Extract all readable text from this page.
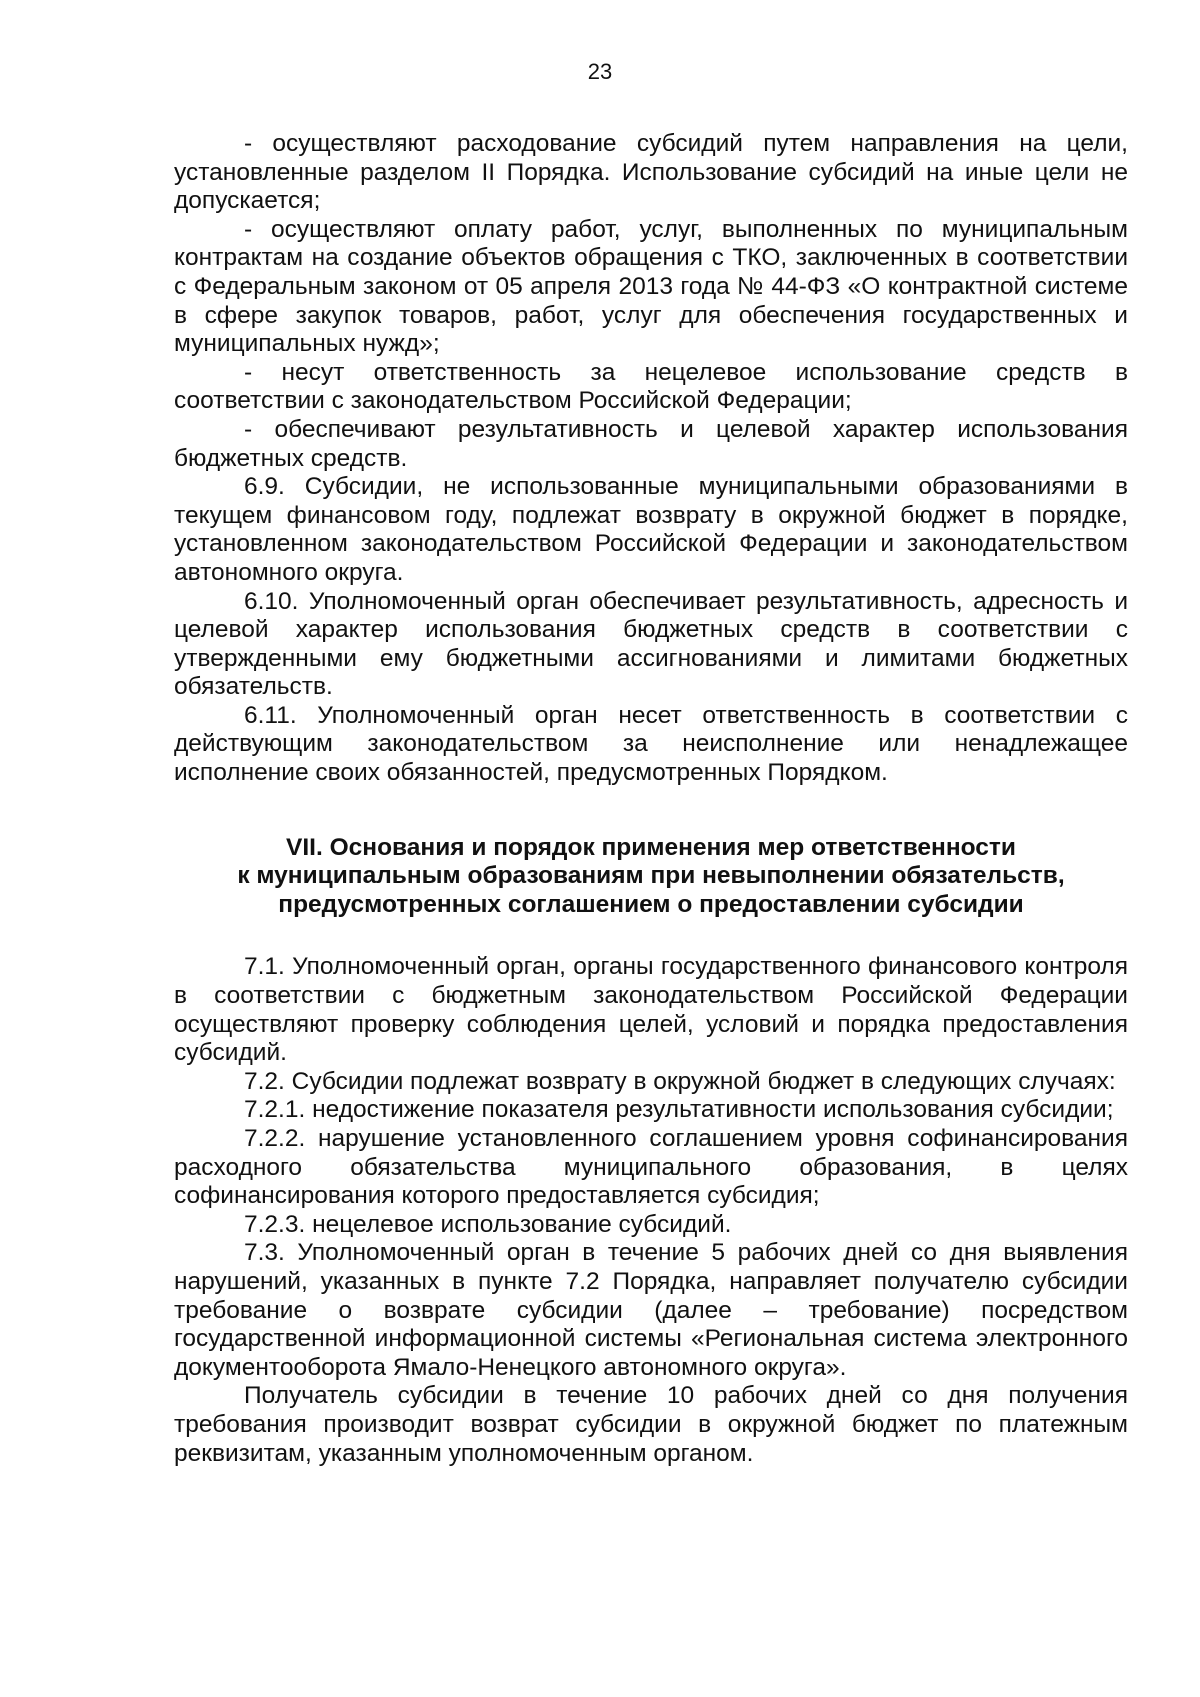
23

- осуществляют расходование субсидий путем направления на цели, установленные разделом II Порядка. Использование субсидий на иные цели не допускается;

- осуществляют оплату работ, услуг, выполненных по муниципальным контрактам на создание объектов обращения с ТКО, заключенных в соответствии с Федеральным законом от 05 апреля 2013 года № 44-ФЗ «О контрактной системе в сфере закупок товаров, работ, услуг для обеспечения государственных и муниципальных нужд»;

- несут ответственность за нецелевое использование средств в соответствии с законодательством Российской Федерации;

- обеспечивают результативность и целевой характер использования бюджетных средств.

6.9. Субсидии, не использованные муниципальными образованиями в текущем финансовом году, подлежат возврату в окружной бюджет в порядке, установленном законодательством Российской Федерации и законодательством автономного округа.

6.10. Уполномоченный орган обеспечивает результативность, адресность и целевой характер использования бюджетных средств в соответствии с утвержденными ему бюджетными ассигнованиями и лимитами бюджетных обязательств.

6.11. Уполномоченный орган несет ответственность в соответствии с действующим законодательством за неисполнение или ненадлежащее исполнение своих обязанностей, предусмотренных Порядком.

VII. Основания и порядок применения мер ответственности
к муниципальным образованиям при невыполнении обязательств,
предусмотренных соглашением о предоставлении субсидии

7.1. Уполномоченный орган, органы государственного финансового контроля в соответствии с бюджетным законодательством Российской Федерации осуществляют проверку соблюдения целей, условий и порядка предоставления субсидий.

7.2. Субсидии подлежат возврату в окружной бюджет в следующих случаях:

7.2.1. недостижение показателя результативности использования субсидии;

7.2.2. нарушение установленного соглашением уровня софинансирования расходного обязательства муниципального образования, в целях софинансирования которого предоставляется субсидия;

7.2.3. нецелевое использование субсидий.

7.3. Уполномоченный орган в течение 5 рабочих дней со дня выявления нарушений, указанных в пункте 7.2 Порядка, направляет получателю субсидии требование о возврате субсидии (далее – требование) посредством государственной информационной системы «Региональная система электронного документооборота Ямало-Ненецкого автономного округа».

Получатель субсидии в течение 10 рабочих дней со дня получения требования производит возврат субсидии в окружной бюджет по платежным реквизитам, указанным уполномоченным органом.
